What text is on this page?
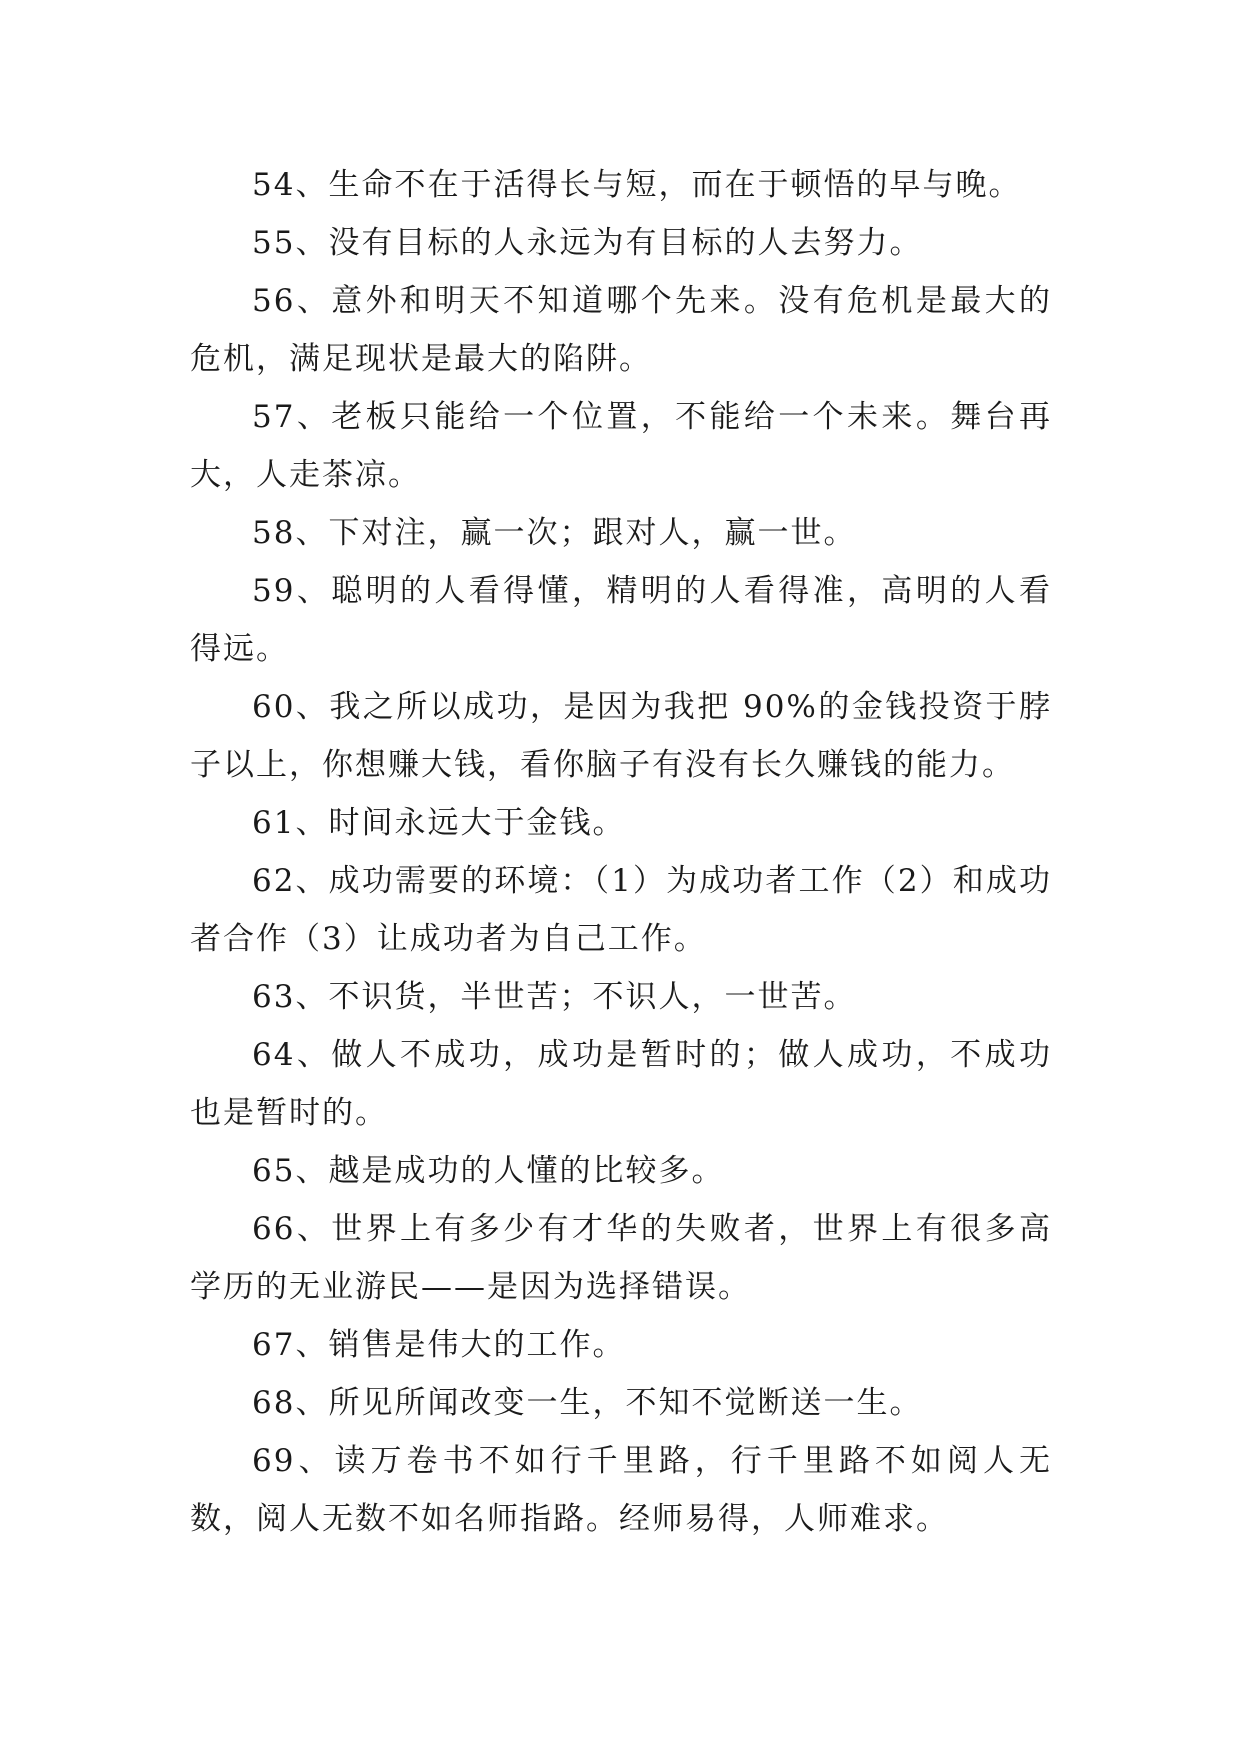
54、生命不在于活得长与短，而在于顿悟的早与晚。

55、没有目标的人永远为有目标的人去努力。

56、意外和明天不知道哪个先来。没有危机是最大的危机，满足现状是最大的陷阱。

57、老板只能给一个位置，不能给一个未来。舞台再大，人走茶凉。

58、下对注，赢一次；跟对人，赢一世。

59、聪明的人看得懂，精明的人看得准，高明的人看得远。

60、我之所以成功，是因为我把 90%的金钱投资于脖子以上，你想赚大钱，看你脑子有没有长久赚钱的能力。

61、时间永远大于金钱。

62、成功需要的环境：（1）为成功者工作（2）和成功者合作（3）让成功者为自己工作。

63、不识货，半世苦；不识人，一世苦。

64、做人不成功，成功是暂时的；做人成功，不成功也是暂时的。

65、越是成功的人懂的比较多。

66、世界上有多少有才华的失败者，世界上有很多高学历的无业游民——是因为选择错误。

67、销售是伟大的工作。

68、所见所闻改变一生，不知不觉断送一生。

69、读万卷书不如行千里路，行千里路不如阅人无数，阅人无数不如名师指路。经师易得，人师难求。
